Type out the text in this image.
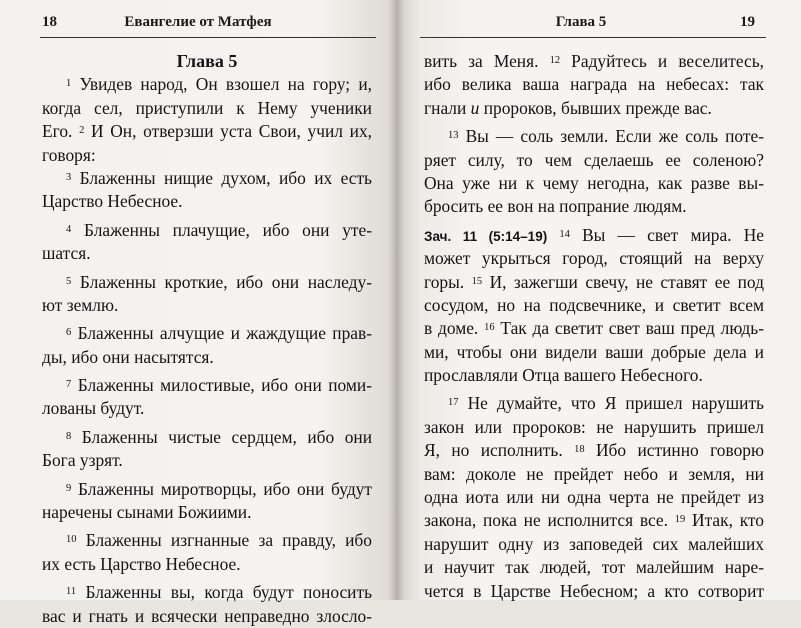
18	Евангелие от Матфея
Глава 5
$^1$ Увидев народ, Он взошел на гору; и,
когда сел, приступили к Нему ученики
Его. $^2$ И Он, отверзши уста Свои, учил их,
говоря:
$^3$ Блаженны нищие духом, ибо их есть
Царство Небесное.
$^4$ Блаженны плачущие, ибо они уте-
шатся.
$^5$ Блаженны кроткие, ибо они наследу-
ют землю.
$^6$ Блаженны алчущие и жаждущие прав-
ды, ибо они насытятся.
$^7$ Блаженны милостивые, ибо они поми-
лованы будут.
$^8$ Блаженны чистые сердцем, ибо они
Бога узрят.
$^9$ Блаженны миротворцы, ибо они будут
наречены сынами Божиими.
$^{10}$ Блаженны изгнанные за правду, ибо
их есть Царство Небесное.
$^{11}$ Блаженны вы, когда будут поносить
вас и гнать и всячески неправедно злосло-
Глава 5	19
вить за Меня. $^{12}$ Радуйтесь и веселитесь,
ибо велика ваша награда на небесах: так
гнали и пророков, бывших прежде вас.
$^{13}$ Вы — соль земли. Если же соль поте-
ряет силу, то чем сделаешь ее соленою?
Она уже ни к чему негодна, как разве вы-
бросить ее вон на попрание людям.
Зач. 11 (5:14–19) $^{14}$ Вы — свет мира. Не
может укрыться город, стоящий на верху
горы. $^{15}$ И, зажегши свечу, не ставят ее под
сосудом, но на подсвечнике, и светит всем
в доме. $^{16}$ Так да светит свет ваш пред людь-
ми, чтобы они видели ваши добрые дела и
прославляли Отца вашего Небесного.
$^{17}$ Не думайте, что Я пришел нарушить
закон или пророков: не нарушить пришел
Я, но исполнить. $^{18}$ Ибо истинно говорю
вам: доколе не прейдет небо и земля, ни
одна иота или ни одна черта не прейдет из
закона, пока не исполнится все. $^{19}$ Итак, кто
нарушит одну из заповедей сих малейших
и научит так людей, тот малейшим наре-
чется в Царстве Небесном; а кто сотворит
